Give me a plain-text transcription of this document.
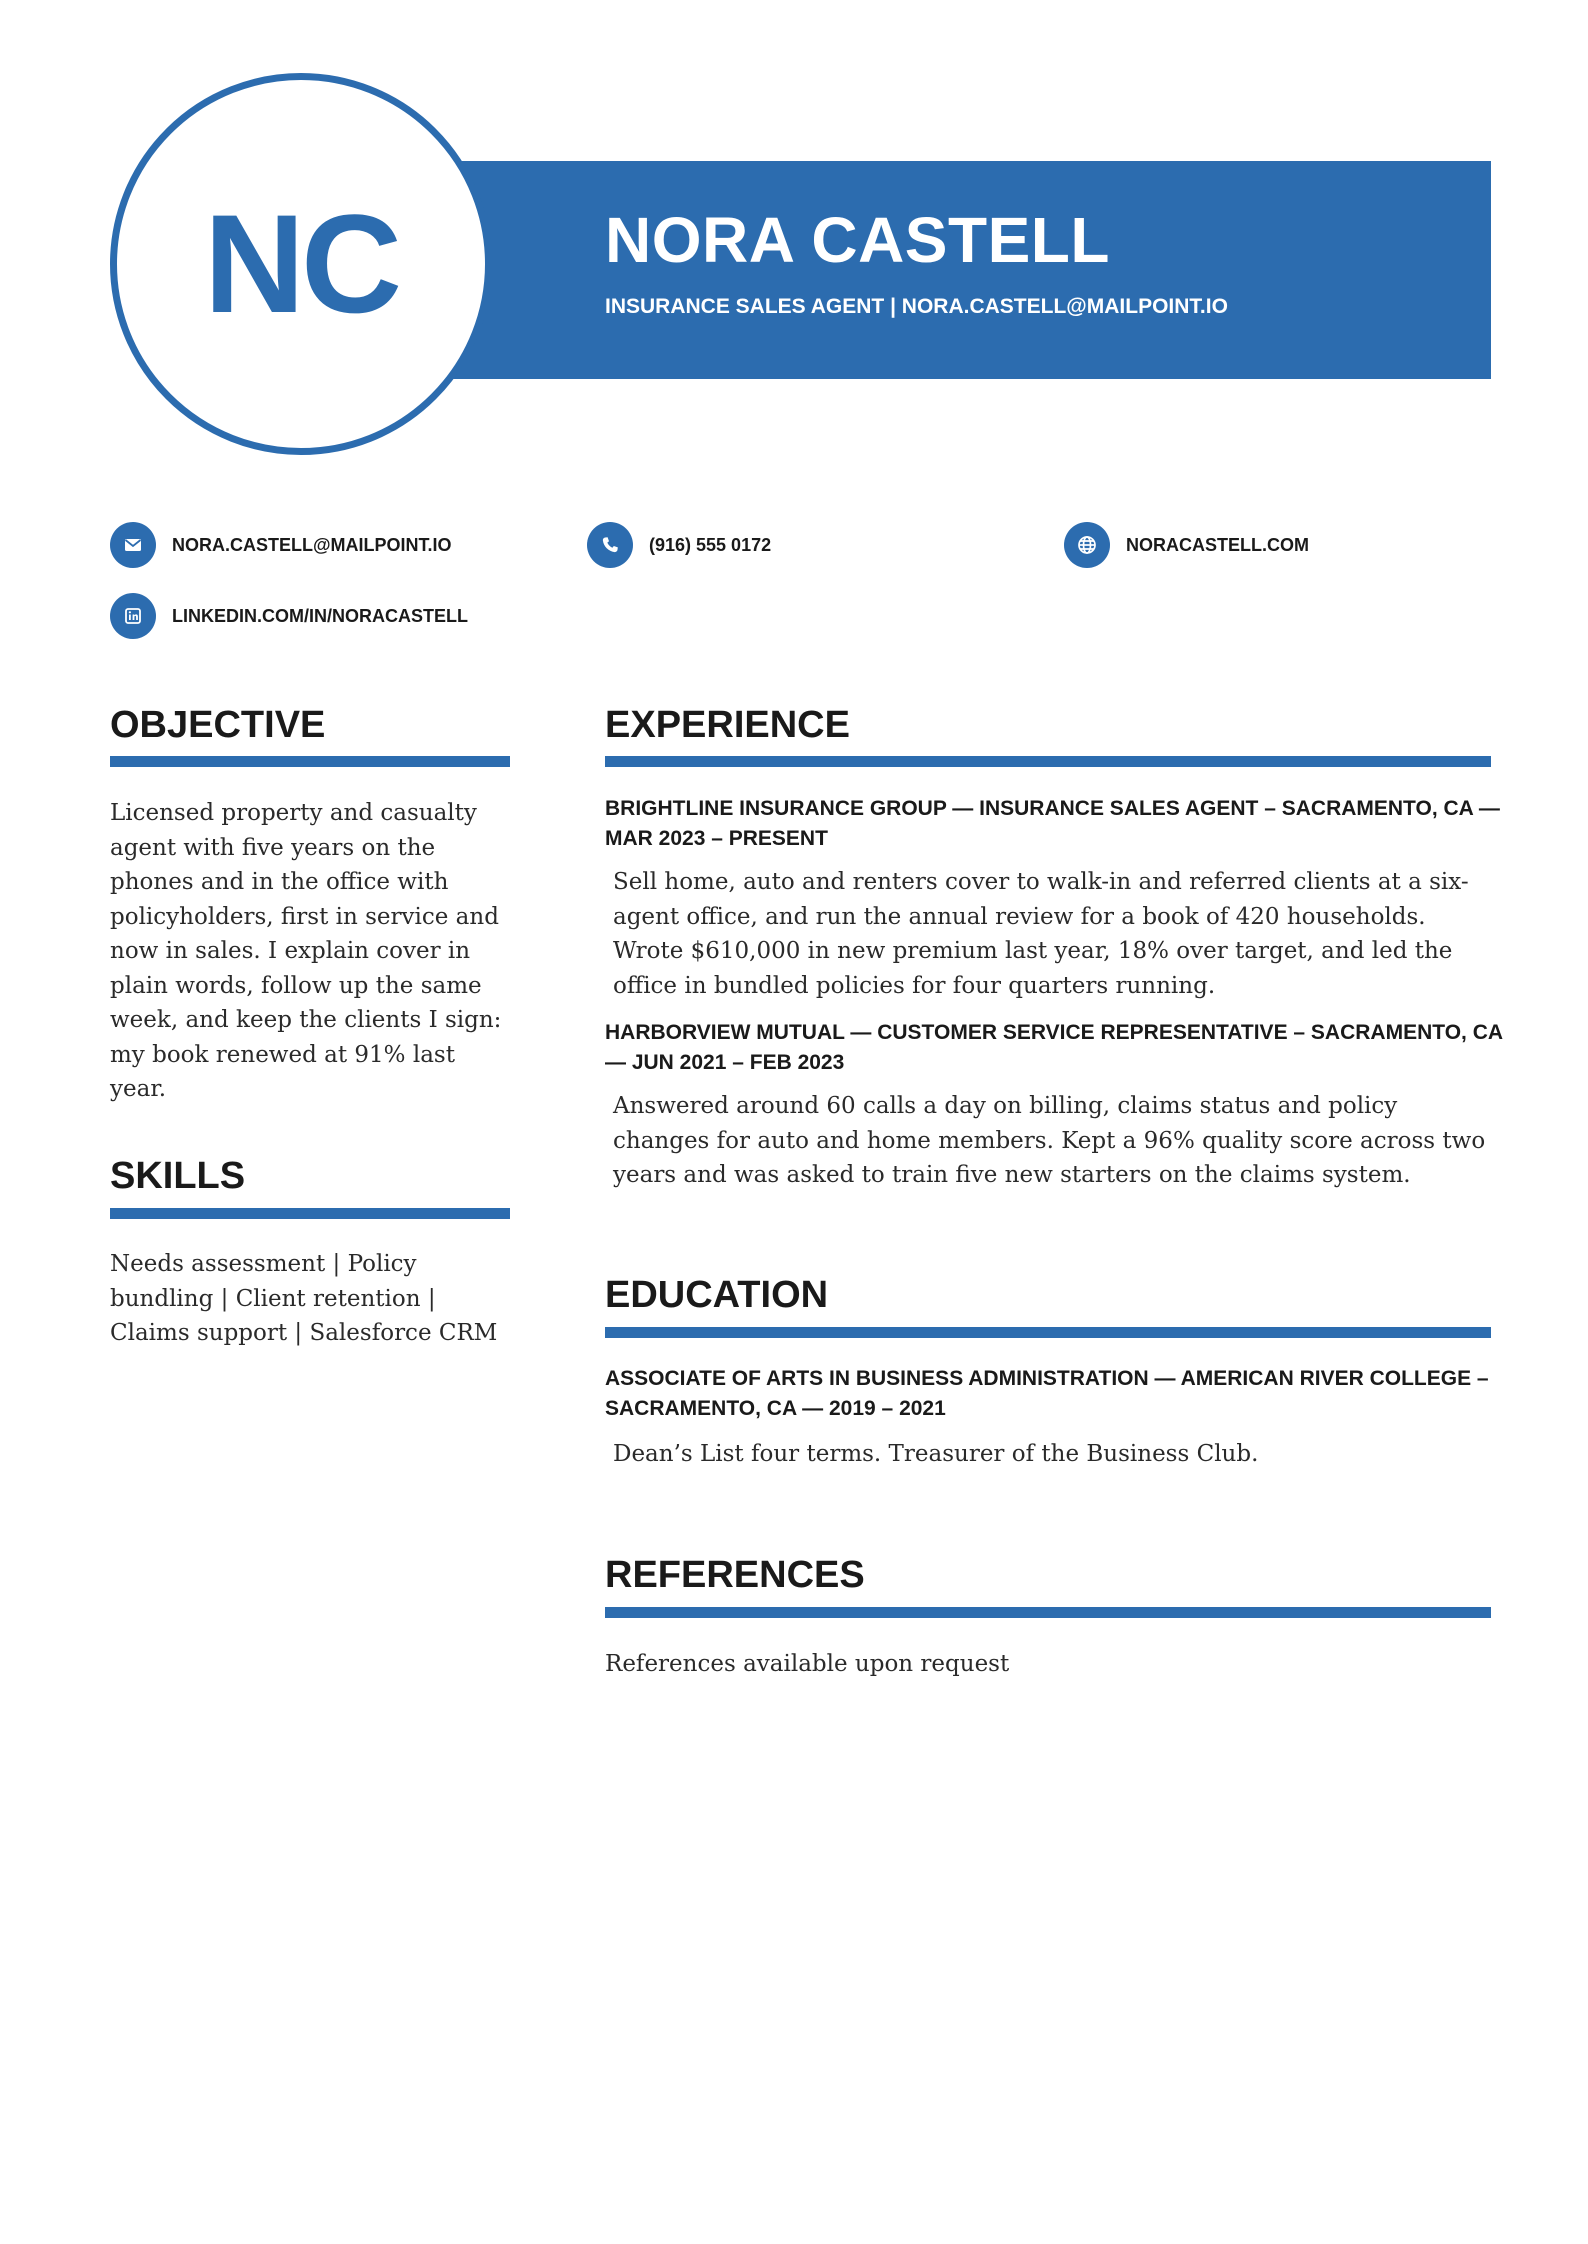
NC	NORA CASTELL
INSURANCE SALES AGENT | NORA.CASTELL@MAILPOINT.IO
NORA.CASTELL@MAILPOINT.IO	(916) 555 0172	NORACASTELL.COM
LINKEDIN.COM/IN/NORACASTELL
OBJECTIVE

Licensed property and casualty agent with five years on the phones and in the office with policyholders, first in service and now in sales. I explain cover in plain words, follow up the same week, and keep the clients I sign: my book renewed at 91% last year.

SKILLS

Needs assessment | Policy bundling | Client retention | Claims support | Salesforce CRM

EXPERIENCE

BRIGHTLINE INSURANCE GROUP — INSURANCE SALES AGENT – SACRAMENTO, CA — MAR 2023 – PRESENT

Sell home, auto and renters cover to walk-in and referred clients at a six-agent office, and run the annual review for a book of 420 households. Wrote $610,000 in new premium last year, 18% over target, and led the office in bundled policies for four quarters running.

HARBORVIEW MUTUAL — CUSTOMER SERVICE REPRESENTATIVE – SACRAMENTO, CA — JUN 2021 – FEB 2023

Answered around 60 calls a day on billing, claims status and policy changes for auto and home members. Kept a 96% quality score across two years and was asked to train five new starters on the claims system.

EDUCATION

ASSOCIATE OF ARTS IN BUSINESS ADMINISTRATION — AMERICAN RIVER COLLEGE – SACRAMENTO, CA — 2019 – 2021

Dean’s List four terms. Treasurer of the Business Club.

REFERENCES

References available upon request
